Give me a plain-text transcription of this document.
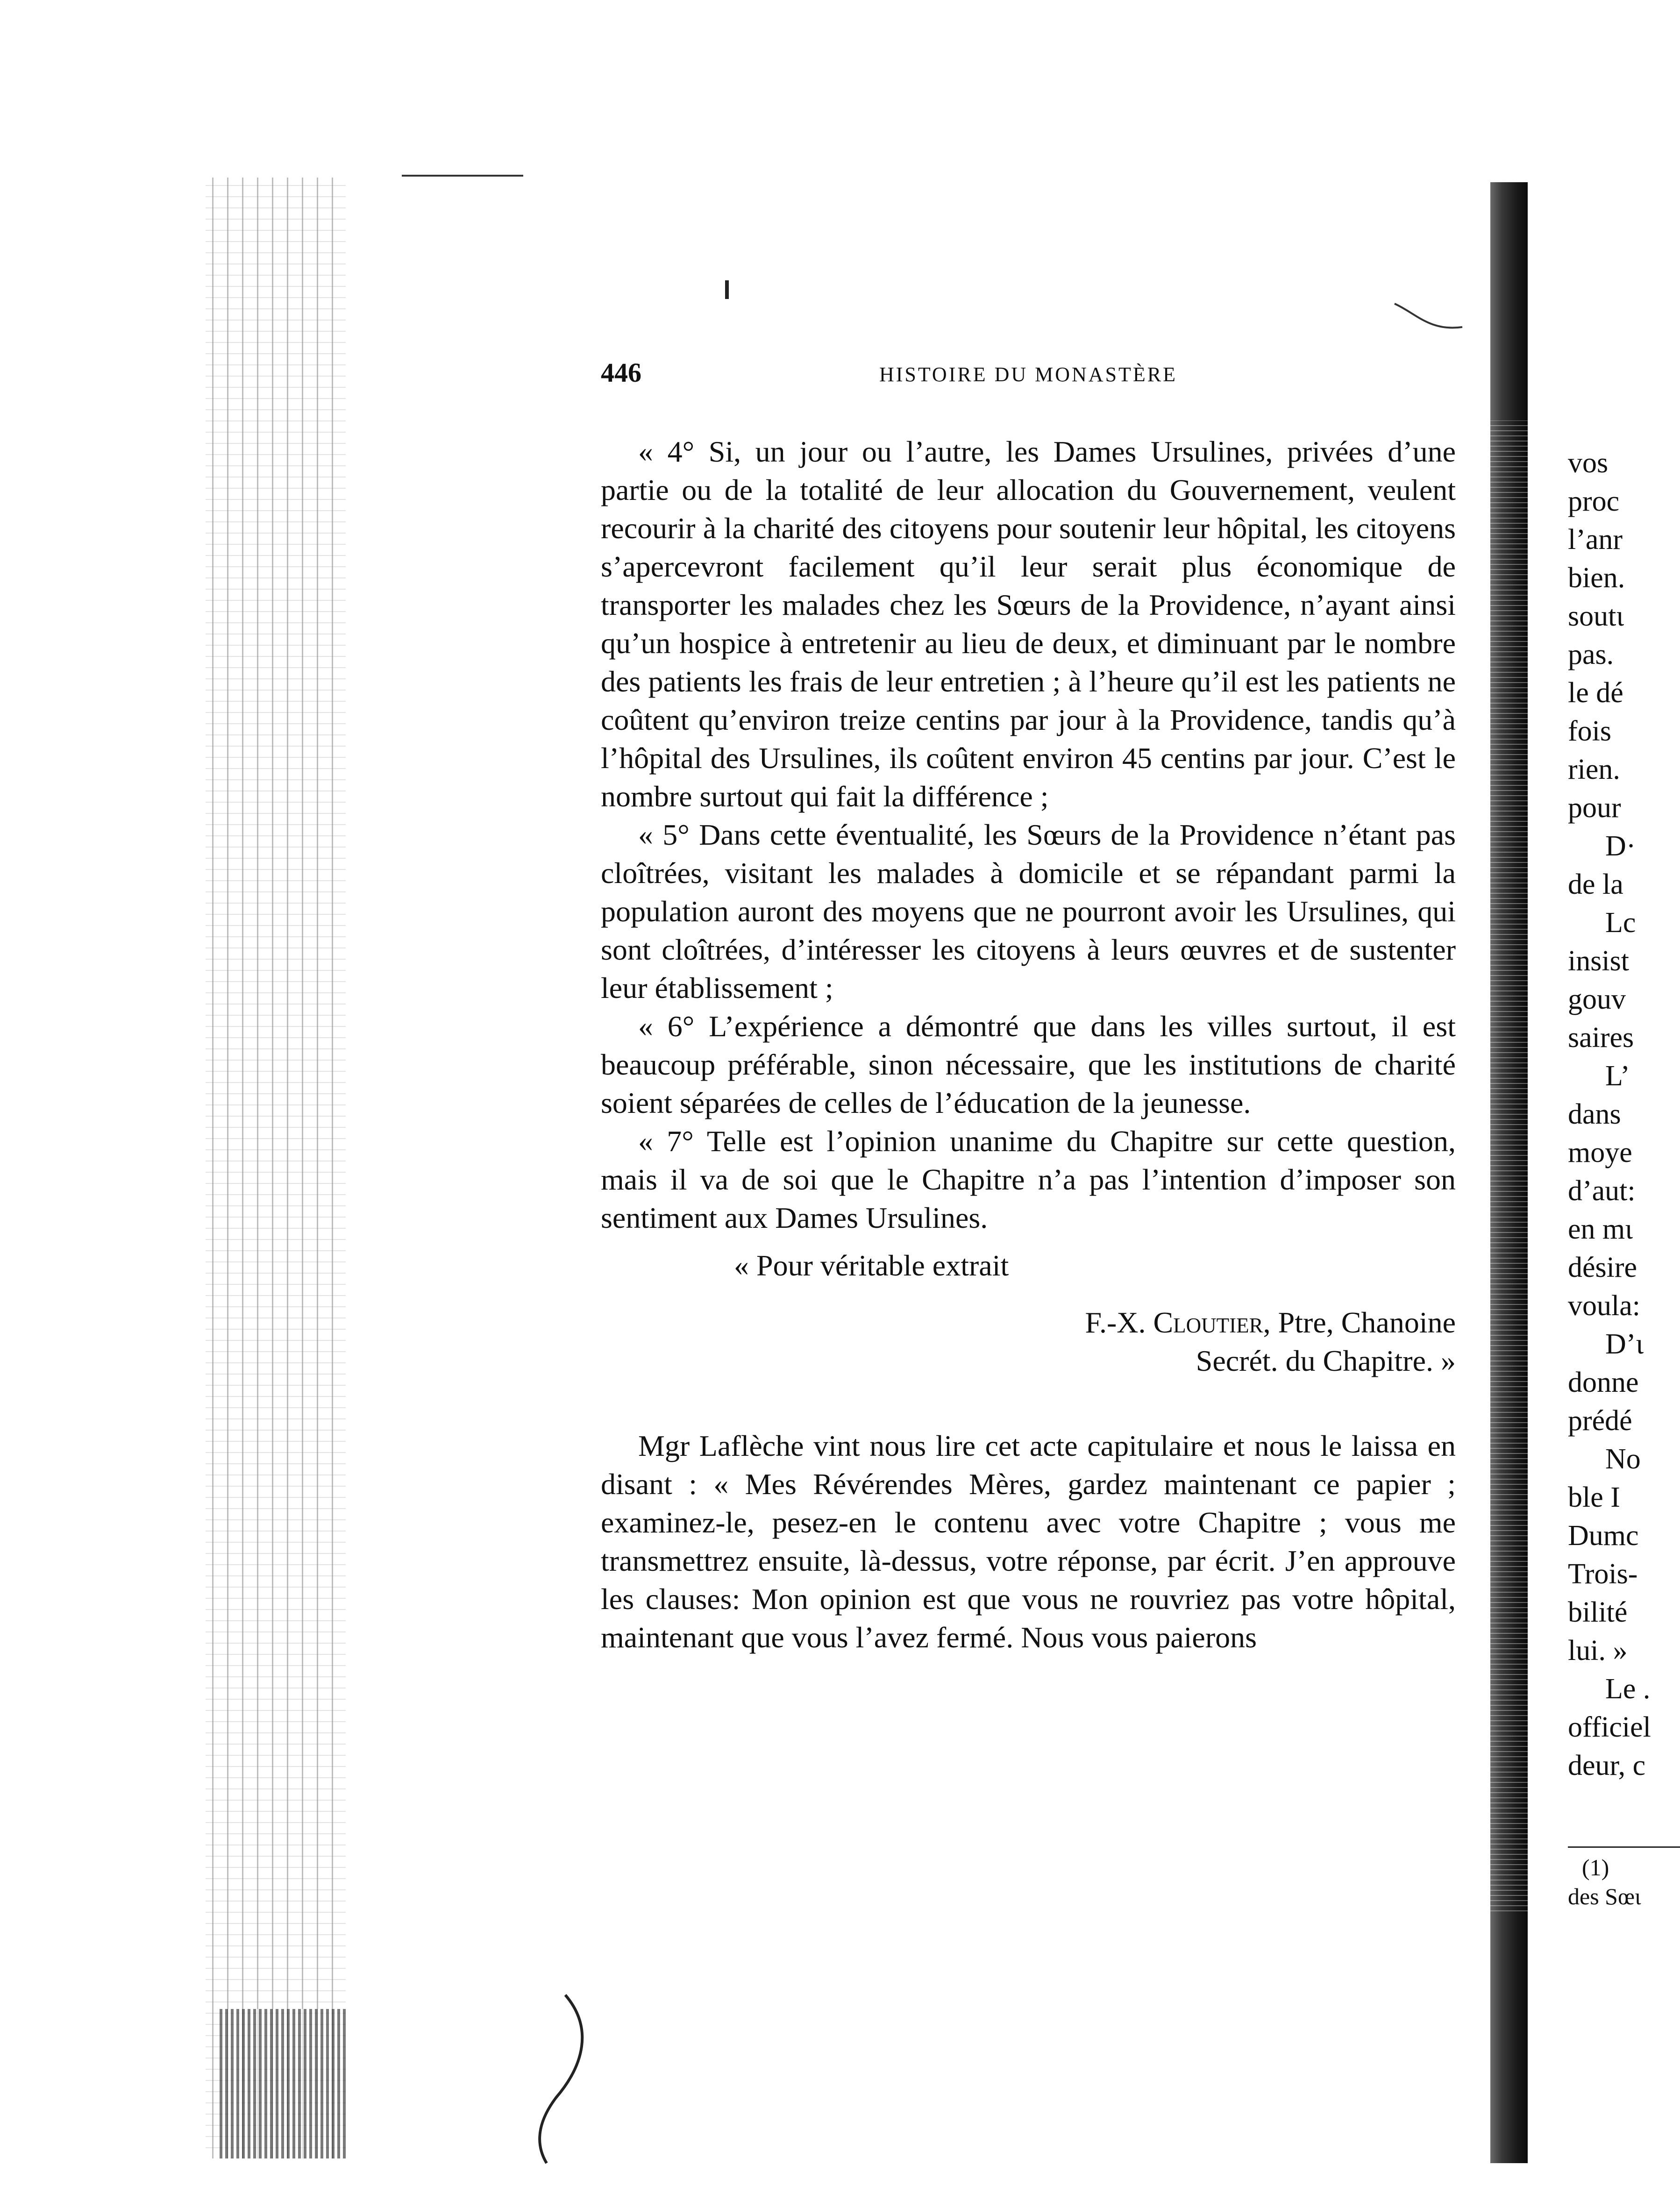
446	HISTOIRE DU MONASTÈRE

« 4° Si, un jour ou l’autre, les Dames Ursulines, privées d’une partie ou de la totalité de leur allocation du Gouvernement, veulent recourir à la charité des citoyens pour soutenir leur hôpital, les citoyens s’apercevront facilement qu’il leur serait plus économique de transporter les malades chez les Sœurs de la Providence, n’ayant ainsi qu’un hospice à entretenir au lieu de deux, et diminuant par le nombre des patients les frais de leur entretien ; à l’heure qu’il est les patients ne coûtent qu’environ treize centins par jour à la Providence, tandis qu’à l’hôpital des Ursulines, ils coûtent environ 45 centins par jour. C’est le nombre surtout qui fait la différence ;

« 5° Dans cette éventualité, les Sœurs de la Providence n’étant pas cloîtrées, visitant les malades à domicile et se répandant parmi la population auront des moyens que ne pourront avoir les Ursulines, qui sont cloîtrées, d’intéresser les citoyens à leurs œuvres et de sustenter leur établissement ;

« 6° L’expérience a démontré que dans les villes surtout, il est beaucoup préférable, sinon nécessaire, que les institutions de charité soient séparées de celles de l’éducation de la jeunesse.

« 7° Telle est l’opinion unanime du Chapitre sur cette question, mais il va de soi que le Chapitre n’a pas l’intention d’imposer son sentiment aux Dames Ursulines.

« Pour véritable extrait

F.-X. Cloutier, Ptre, Chanoine

Secrét. du Chapitre. »

Mgr Laflèche vint nous lire cet acte capitulaire et nous le laissa en disant : « Mes Révérendes Mères, gardez maintenant ce papier ; examinez-le, pesez-en le contenu avec votre Chapitre ; vous me transmettrez ensuite, là-dessus, votre réponse, par écrit. J’en approuve les clauses: Mon opinion est que vous ne rouvriez pas votre hôpital, maintenant que vous l’avez fermé. Nous vous paierons

vos
proc
l’anr
bien.
soutɩ
pas.
le dé
fois
rien.
pour
D·
de la
Lc
insist
gouv
saires
L’
dans
moye
d’aut:
en mɩ
désire
voula:
D’ι
donne
prédé
No
ble I
Dumc
Trois-
bilité
lui. »
Le .
officiel
deur, c
(1)
des Sœι
